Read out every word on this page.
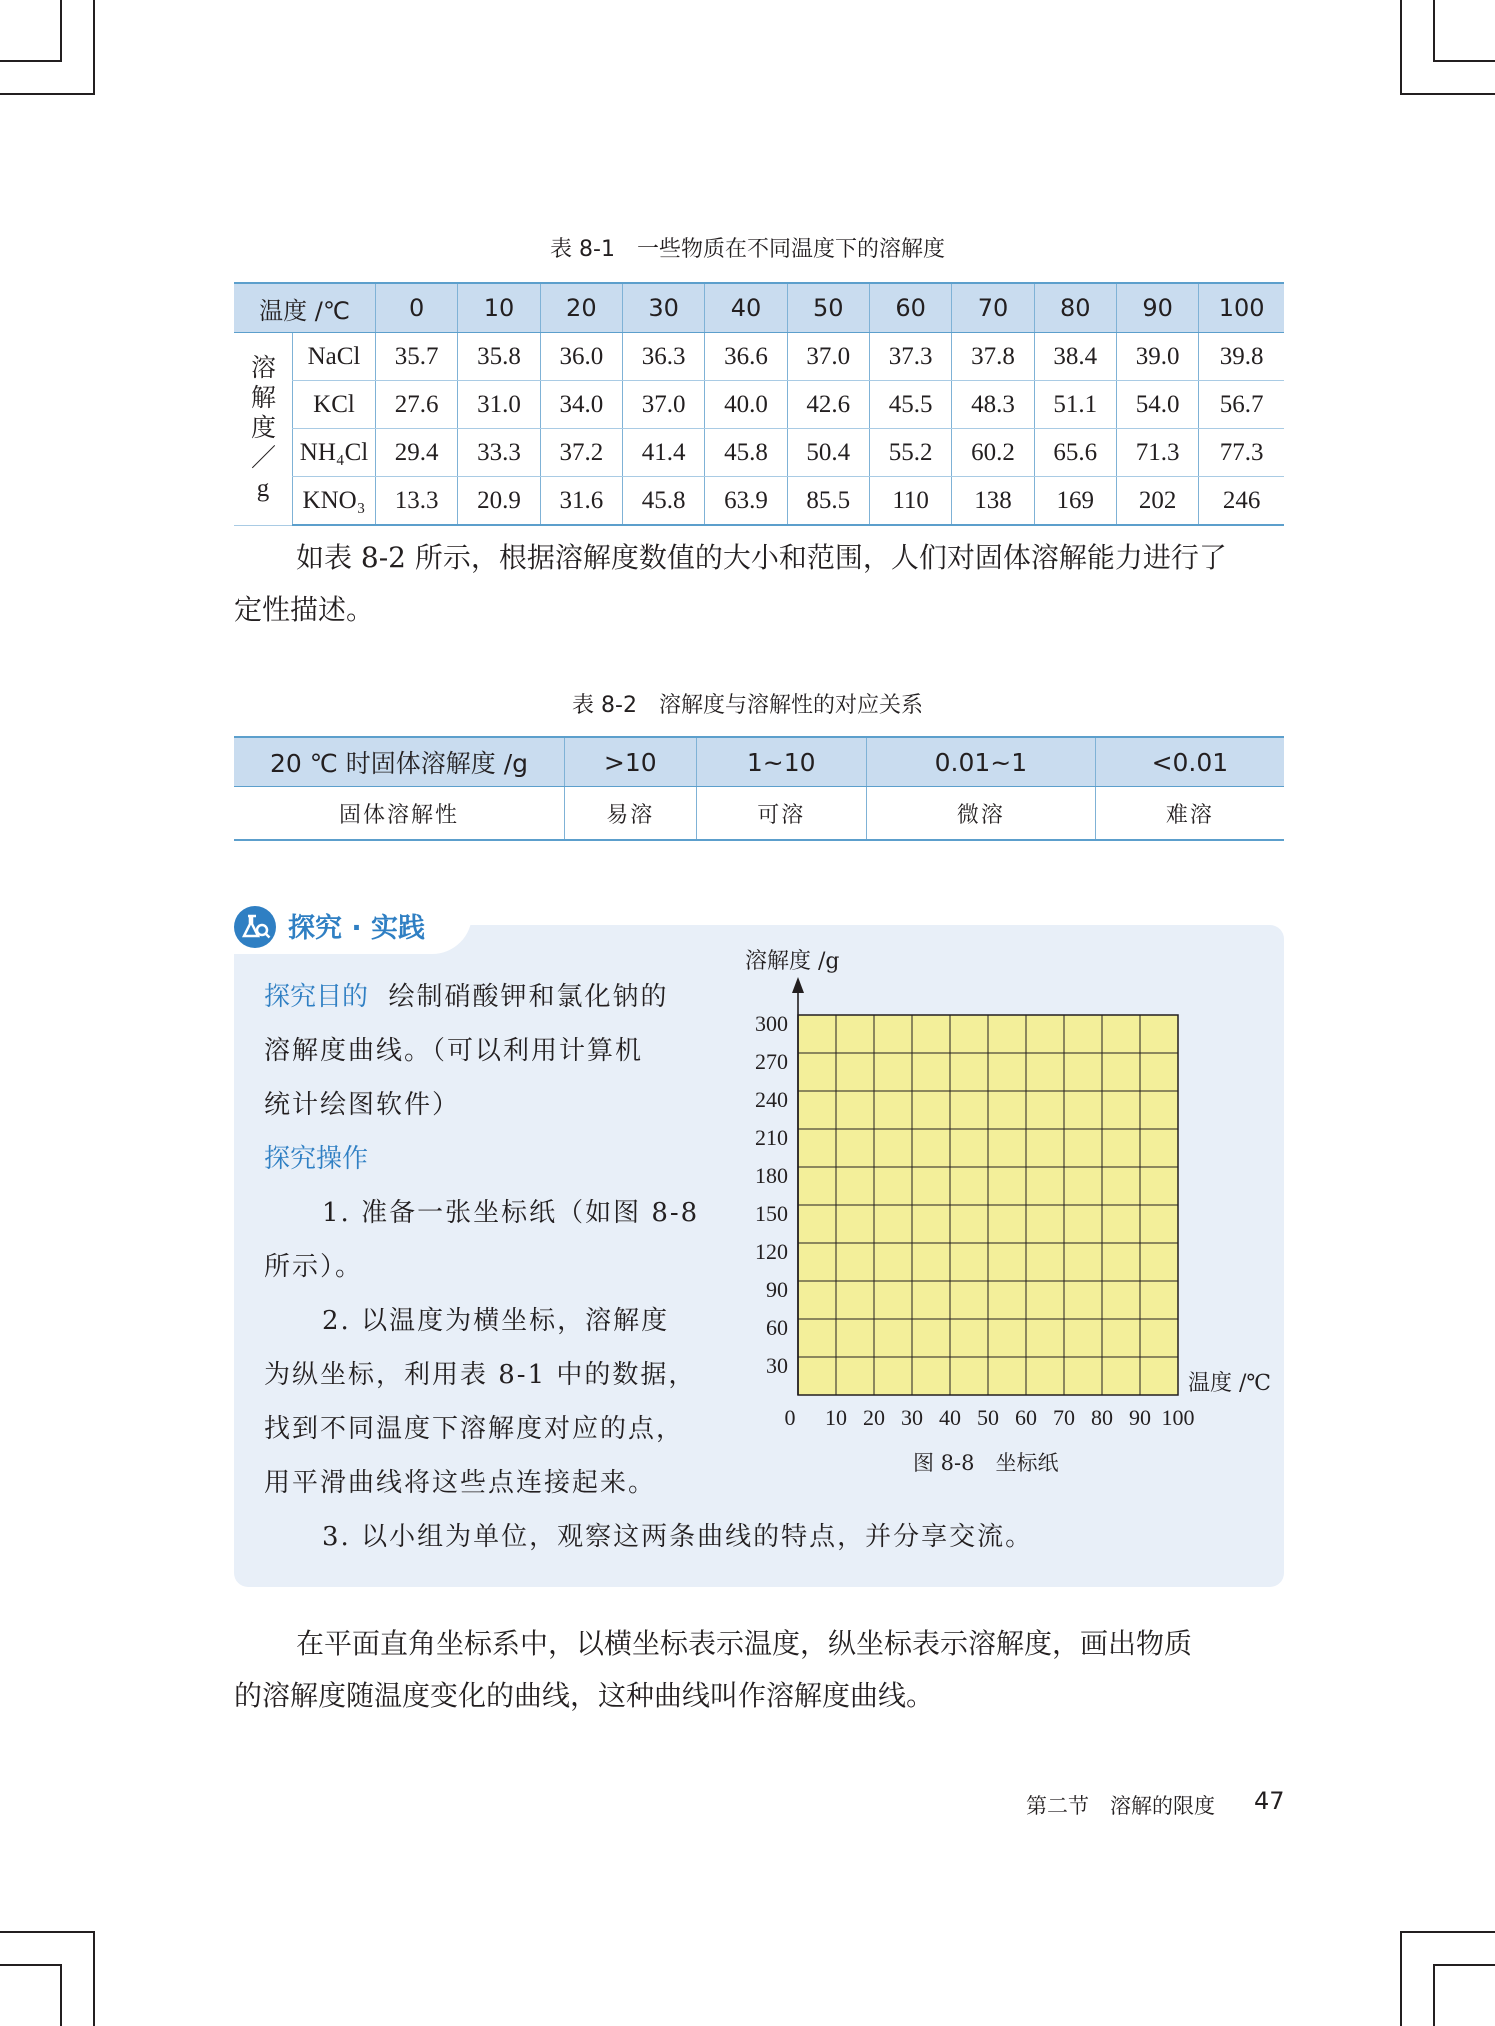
表 8-1　一些物质在不同温度下的溶解度
温度 /℃		0	10	20	30	40	50	60	70	80	90	100

溶解度／g	NaCl	35.7	35.8	36.0	36.3	36.6	37.0	37.3	37.8	38.4	39.0	39.8
	KCl	27.6	31.0	34.0	37.0	40.0	42.6	45.5	48.3	51.1	54.0	56.7
	NH₄Cl	29.4	33.3	37.2	41.4	45.8	50.4	55.2	60.2	65.6	71.3	77.3
	KNO₃	13.3	20.9	31.6	45.8	63.9	85.5	110	138	169	202	246
如表 8-2 所示，根据溶解度数值的大小和范围，人们对固体溶解能力进行了
定性描述。
表 8-2　溶解度与溶解性的对应关系
20 ℃ 时固体溶解度 /g	>10	1~10	0.01~1	<0.01
固体溶解性	易溶	可溶	微溶	难溶
探究 · 实践
探究目的 绘制硝酸钾和氯化钠的
溶解度曲线。（可以利用计算机
统计绘图软件）
探究操作
1. 准备一张坐标纸（如图 8-8
所示）。
2. 以温度为横坐标，溶解度
为纵坐标，利用表 8-1 中的数据，
找到不同温度下溶解度对应的点，
用平滑曲线将这些点连接起来。
3. 以小组为单位，观察这两条曲线的特点，并分享交流。
30
60
90
120
150
180
210
240
270
300
0 10 20 30 40 50 60 70 80 90 100
溶解度 /g
温度 /℃
图 8-8　坐标纸
在平面直角坐标系中，以横坐标表示温度，纵坐标表示溶解度，画出物质
的溶解度随温度变化的曲线，这种曲线叫作溶解度曲线。
第二节　溶解的限度 47
